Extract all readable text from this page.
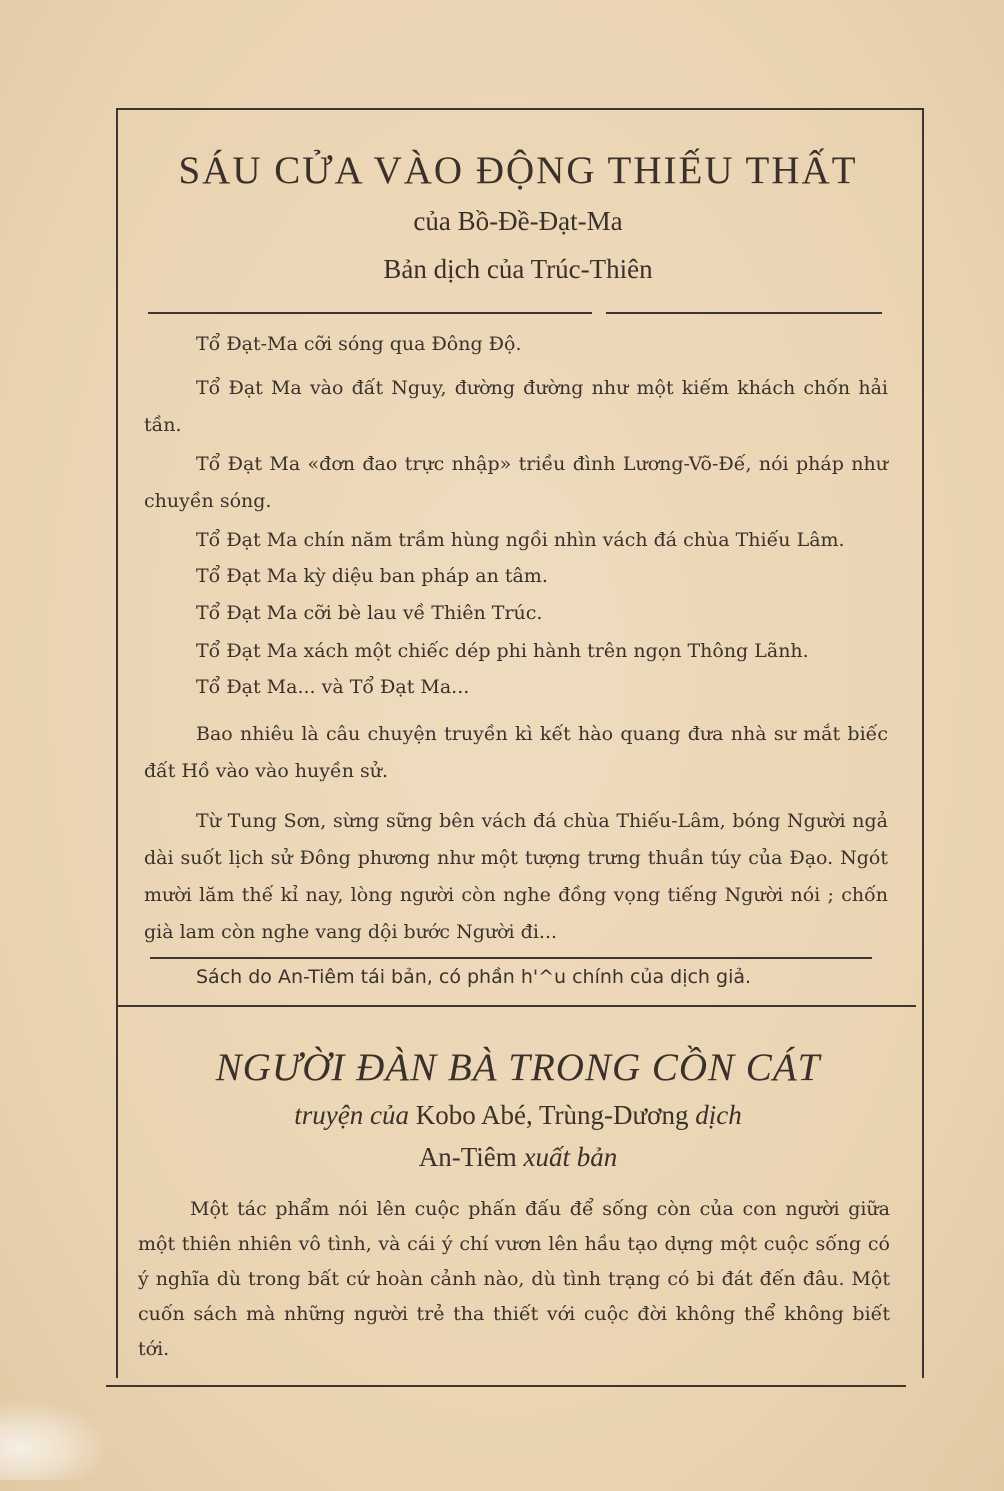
SÁU CỬA VÀO ĐỘNG THIẾU THẤT
của Bồ-Đề-Đạt-Ma
Bản dịch của Trúc-Thiên
Tổ Đạt-Ma cỡi sóng qua Đông Độ.
Tổ Đạt Ma vào đất Nguy, đường đường như một kiếm khách chốn hải tần.
Tổ Đạt Ma «đơn đao trực nhập» triều đình Lương-Võ-Đế, nói pháp như chuyền sóng.
Tổ Đạt Ma chín năm trầm hùng ngồi nhìn vách đá chùa Thiếu Lâm.
Tổ Đạt Ma kỳ diệu ban pháp an tâm.
Tổ Đạt Ma cỡi bè lau về Thiên Trúc.
Tổ Đạt Ma xách một chiếc dép phi hành trên ngọn Thông Lãnh.
Tổ Đạt Ma... và Tổ Đạt Ma...
Bao nhiêu là câu chuyện truyền kì kết hào quang đưa nhà sư mắt biếc đất Hồ vào vào huyền sử.
Từ Tung Sơn, sừng sững bên vách đá chùa Thiếu-Lâm, bóng Người ngả dài suốt lịch sử Đông phương như một tượng trưng thuần túy của Đạo. Ngót mười lăm thế kỉ nay, lòng người còn nghe đồng vọng tiếng Người nói ; chốn già lam còn nghe vang dội bước Người đi...
Sách do An-Tiêm tái bản, có phần h'^u chính của dịch giả.
NGƯỜI ĐÀN BÀ TRONG CỒN CÁT
truyện của Kobo Abé, Trùng-Dương dịch
An-Tiêm xuất bản
Một tác phẩm nói lên cuộc phấn đấu để sống còn của con người giữa một thiên nhiên vô tình, và cái ý chí vươn lên hầu tạo dựng một cuộc sống có ý nghĩa dù trong bất cứ hoàn cảnh nào, dù tình trạng có bi đát đến đâu. Một cuốn sách mà những người trẻ tha thiết với cuộc đời không thể không biết tới.
